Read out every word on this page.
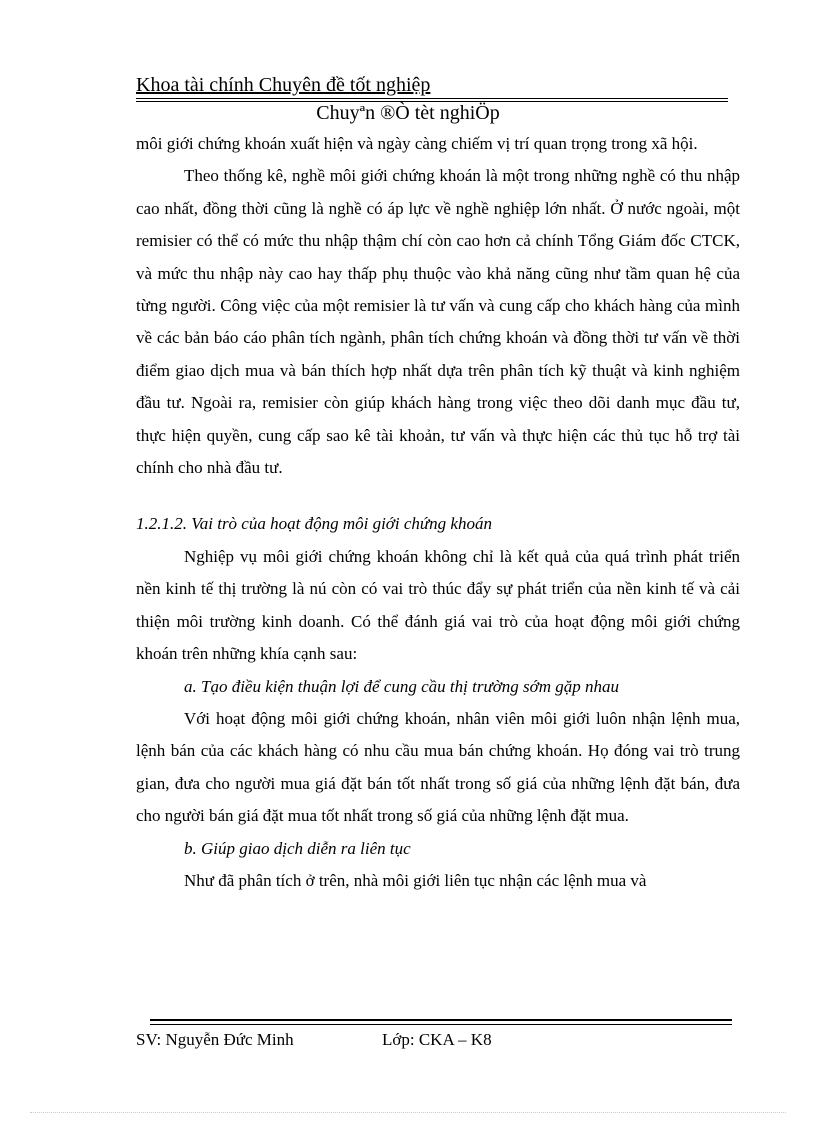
Khoa tài chính Chuyên đề tốt nghiệp
Chuyªn ®Ò tèt nghiÖp

môi giới chứng khoán xuất hiện và ngày càng chiếm vị trí quan trọng trong xã hội.

Theo thống kê, nghề môi giới chứng khoán là một trong những nghề có thu nhập cao nhất, đồng thời cũng là nghề có áp lực về nghề nghiệp lớn nhất. Ở nước ngoài, một remisier có thể có mức thu nhập thậm chí còn cao hơn cả chính Tổng Giám đốc CTCK, và mức thu nhập này cao hay thấp phụ thuộc vào khả năng cũng như tầm quan hệ của từng người. Công việc của một remisier là tư vấn và cung cấp cho khách hàng của mình về các bản báo cáo phân tích ngành, phân tích chứng khoán và đồng thời tư vấn về thời điểm giao dịch mua và bán thích hợp nhất dựa trên phân tích kỹ thuật và kinh nghiệm đầu tư. Ngoài ra, remisier còn giúp khách hàng trong việc theo dõi danh mục đầu tư, thực hiện quyền, cung cấp sao kê tài khoản, tư vấn và thực hiện các thủ tục hỗ trợ tài chính cho nhà đầu tư.

1.2.1.2. Vai trò của hoạt động môi giới chứng khoán

Nghiệp vụ môi giới chứng khoán không chỉ là kết quả của quá trình phát triển nền kinh tế thị trường là nú còn có vai trò thúc đẩy sự phát triển của nền kinh tế và cải thiện môi trường kinh doanh. Có thể đánh giá vai trò của hoạt động môi giới chứng khoán trên những khía cạnh sau:

a. Tạo điều kiện thuận lợi để cung cầu thị trường sớm gặp nhau

Với hoạt động môi giới chứng khoán, nhân viên môi giới luôn nhận lệnh mua, lệnh bán của các khách hàng có nhu cầu mua bán chứng khoán. Họ đóng vai trò trung gian, đưa cho người mua giá đặt bán tốt nhất trong số giá của những lệnh đặt bán, đưa cho người bán giá đặt mua tốt nhất trong số giá của những lệnh đặt mua.

b. Giúp giao dịch diễn ra liên tục

Như đã phân tích ở trên, nhà môi giới liên tục nhận các lệnh mua và

SV: Nguyễn Đức Minh	Lớp: CKA – K8
